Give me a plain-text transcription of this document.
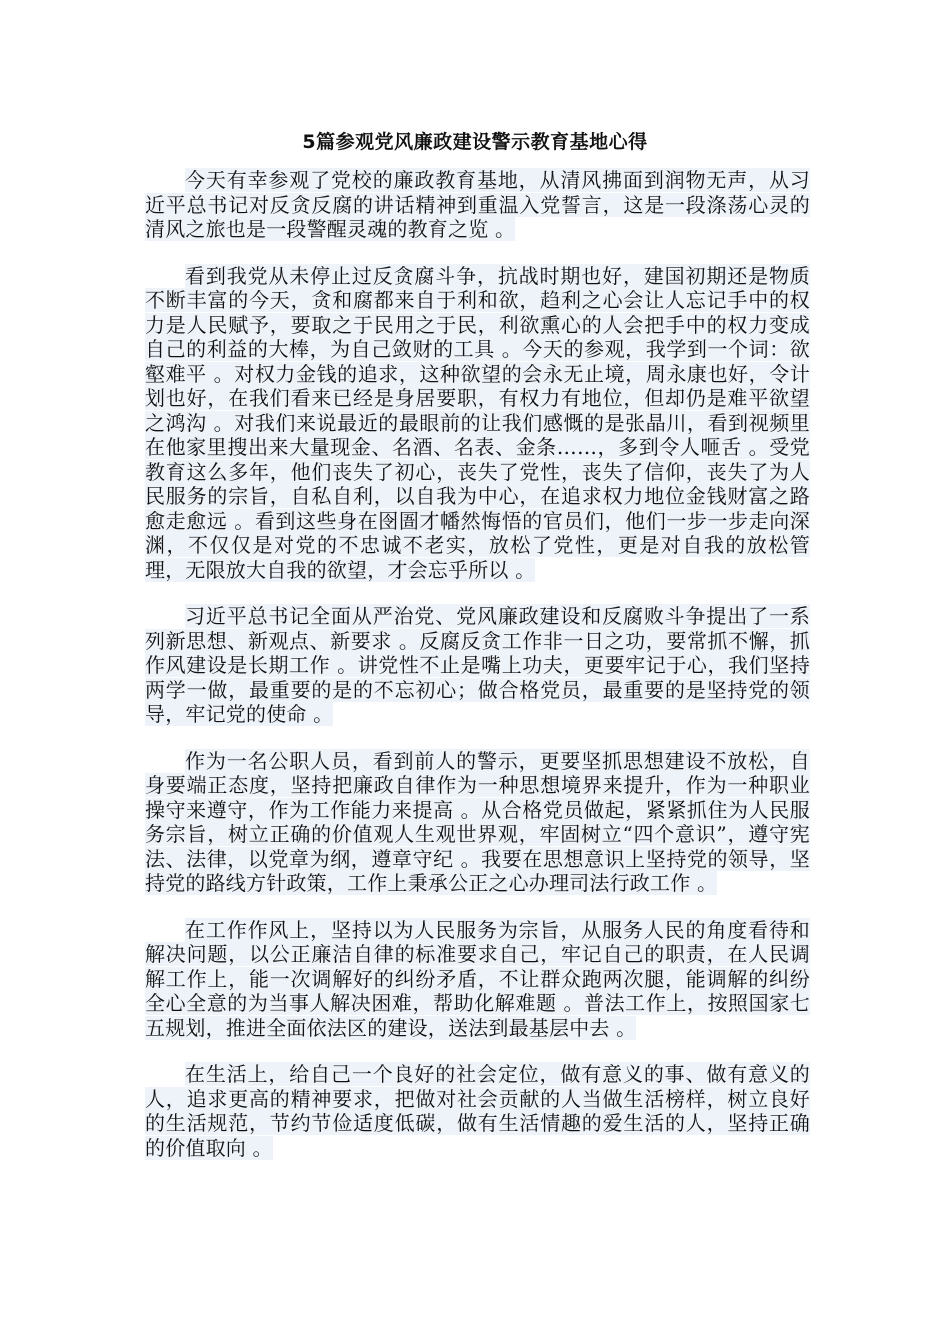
5篇参观党风廉政建设警示教育基地心得

今天有幸参观了党校的廉政教育基地，从清风拂面到润物无声，从习近平总书记对反贪反腐的讲话精神到重温入党誓言，这是一段涤荡心灵的清风之旅也是一段警醒灵魂的教育之览 。

看到我党从未停止过反贪腐斗争，抗战时期也好，建国初期还是物质不断丰富的今天，贪和腐都来自于利和欲，趋利之心会让人忘记手中的权力是人民赋予，要取之于民用之于民，利欲熏心的人会把手中的权力变成自己的利益的大棒，为自己敛财的工具 。今天的参观，我学到一个词：欲壑难平 。对权力金钱的追求，这种欲望的会永无止境，周永康也好，令计划也好，在我们看来已经是身居要职，有权力有地位，但却仍是难平欲望之鸿沟 。对我们来说最近的最眼前的让我们感慨的是张晶川，看到视频里在他家里搜出来大量现金、名酒、名表、金条……，多到令人咂舌 。受党教育这么多年，他们丧失了初心，丧失了党性，丧失了信仰，丧失了为人民服务的宗旨，自私自利，以自我为中心，在追求权力地位金钱财富之路愈走愈远 。看到这些身在囹圄才幡然悔悟的官员们，他们一步一步走向深渊，不仅仅是对党的不忠诚不老实，放松了党性，更是对自我的放松管理，无限放大自我的欲望，才会忘乎所以 。

习近平总书记全面从严治党、党风廉政建设和反腐败斗争提出了一系列新思想、新观点、新要求 。反腐反贪工作非一日之功，要常抓不懈，抓作风建设是长期工作 。讲党性不止是嘴上功夫，更要牢记于心，我们坚持两学一做，最重要的是的不忘初心；做合格党员，最重要的是坚持党的领导，牢记党的使命 。

作为一名公职人员，看到前人的警示，更要坚抓思想建设不放松，自身要端正态度，坚持把廉政自律作为一种思想境界来提升，作为一种职业操守来遵守，作为工作能力来提高 。从合格党员做起，紧紧抓住为人民服务宗旨，树立正确的价值观人生观世界观，牢固树立“四个意识”，遵守宪法、法律，以党章为纲，遵章守纪 。我要在思想意识上坚持党的领导，坚持党的路线方针政策，工作上秉承公正之心办理司法行政工作 。

在工作作风上，坚持以为人民服务为宗旨，从服务人民的角度看待和解决问题，以公正廉洁自律的标准要求自己，牢记自己的职责，在人民调解工作上，能一次调解好的纠纷矛盾，不让群众跑两次腿，能调解的纠纷全心全意的为当事人解决困难，帮助化解难题 。普法工作上，按照国家七五规划，推进全面依法区的建设，送法到最基层中去 。

在生活上，给自己一个良好的社会定位，做有意义的事、做有意义的人，追求更高的精神要求，把做对社会贡献的人当做生活榜样，树立良好的生活规范，节约节俭适度低碳，做有生活情趣的爱生活的人，坚持正确的价值取向 。
